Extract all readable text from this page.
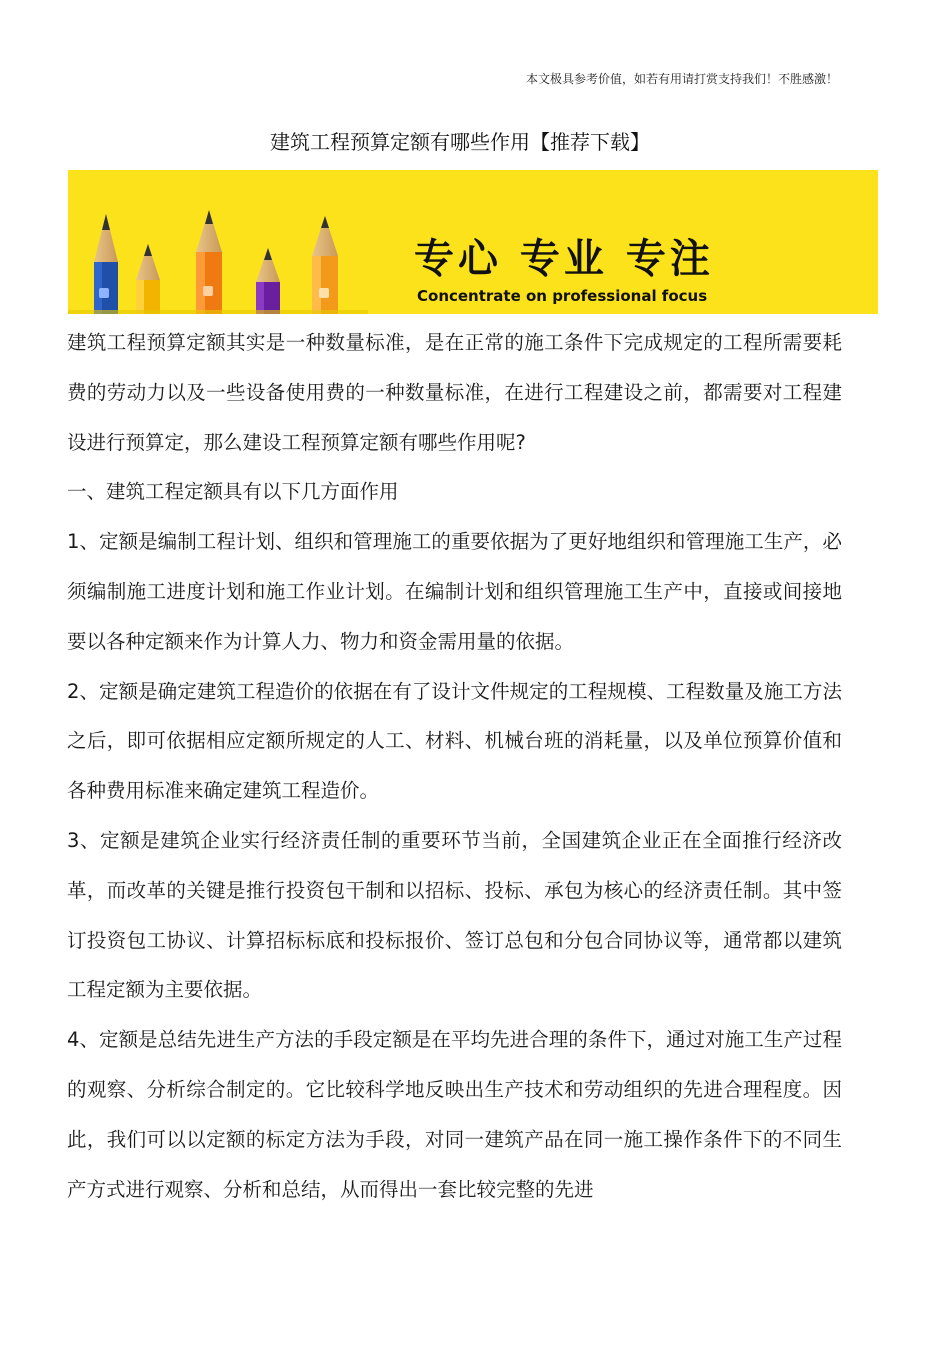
本文极具参考价值，如若有用请打赏支持我们！不胜感激！
建筑工程预算定额有哪些作用【推荐下载】
专心 专业 专注
Concentrate on professional focus

建筑工程预算定额其实是一种数量标准，是在正常的施工条件下完成规定的工程所需要耗费的劳动力以及一些设备使用费的一种数量标准，在进行工程建设之前，都需要对工程建设进行预算定，那么建设工程预算定额有哪些作用呢?

一、建筑工程定额具有以下几方面作用

1、定额是编制工程计划、组织和管理施工的重要依据为了更好地组织和管理施工生产，必须编制施工进度计划和施工作业计划。在编制计划和组织管理施工生产中，直接或间接地要以各种定额来作为计算人力、物力和资金需用量的依据。

2、定额是确定建筑工程造价的依据在有了设计文件规定的工程规模、工程数量及施工方法之后，即可依据相应定额所规定的人工、材料、机械台班的消耗量，以及单位预算价值和各种费用标准来确定建筑工程造价。

3、定额是建筑企业实行经济责任制的重要环节当前，全国建筑企业正在全面推行经济改革，而改革的关键是推行投资包干制和以招标、投标、承包为核心的经济责任制。其中签订投资包工协议、计算招标标底和投标报价、签订总包和分包合同协议等，通常都以建筑工程定额为主要依据。

4、定额是总结先进生产方法的手段定额是在平均先进合理的条件下，通过对施工生产过程的观察、分析综合制定的。它比较科学地反映出生产技术和劳动组织的先进合理程度。因此，我们可以以定额的标定方法为手段，对同一建筑产品在同一施工操作条件下的不同生产方式进行观察、分析和总结，从而得出一套比较完整的先进
